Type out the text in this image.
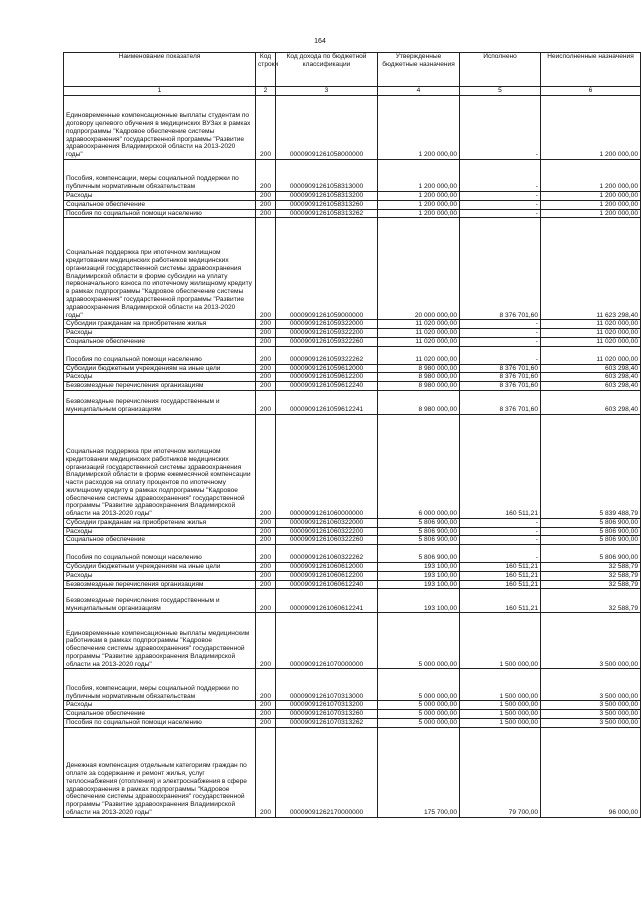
164
Наименование показателя	Код строки	Код дохода по бюджетной классификации	Утвержденные бюджетные назначения	Исполнено	Неисполненные назначения
1	2	3	4	5	6
Единовременные компенсационные выплаты студентам по договору целевого обучения в медицинских ВУЗах в рамках подпрограммы "Кадровое обеспечение системы здравоохранения" государственной программы "Развитие здравоохранения Владимирской области на 2013-2020 годы"	200	00009091261058000000	1 200 000,00	-	1 200 000,00
Пособия, компенсации, меры социальной поддержки по публичным нормативным обязательствам	200	00009091261058313000	1 200 000,00	-	1 200 000,00
Расходы	200	00009091261058313200	1 200 000,00	-	1 200 000,00
Социальное обеспечение	200	00009091261058313260	1 200 000,00	-	1 200 000,00
Пособия по социальной помощи населению	200	00009091261058313262	1 200 000,00	-	1 200 000,00
Социальная поддержка при ипотечном жилищном кредитовании медицинских работников медицинских организаций государственной системы здравоохранения Владимирской области в форме субсидии на уплату первоначального взноса по ипотечному жилищному кредиту в рамках подпрограммы "Кадровое обеспечение системы здравоохранения" государственной программы "Развитие здравоохранения Владимирской области на 2013-2020 годы"	200	00009091261059000000	20 000 000,00	8 376 701,60	11 623 298,40
Субсидии гражданам на приобретение жилья	200	00009091261059322000	11 020 000,00	-	11 020 000,00
Расходы	200	00009091261059322200	11 020 000,00	-	11 020 000,00
Социальное обеспечение	200	00009091261059322260	11 020 000,00	-	11 020 000,00
Пособия по социальной помощи населению	200	00009091261059322262	11 020 000,00	-	11 020 000,00
Субсидии бюджетным учреждениям на иные цели	200	00009091261059612000	8 980 000,00	8 376 701,60	603 298,40
Расходы	200	00009091261059612200	8 980 000,00	8 376 701,60	603 298,40
Безвозмездные перечисления организациям	200	00009091261059612240	8 980 000,00	8 376 701,60	603 298,40
Безвозмездные перечисления государственным и муниципальным организациям	200	00009091261059612241	8 980 000,00	8 376 701,60	603 298,40
Социальная поддержка при ипотечном жилищном кредитовании медицинских работников медицинских организаций государственной системы здравоохранения Владимирской области в форме ежемесячной компенсации части расходов на оплату процентов по ипотечному жилищному кредиту в рамках подпрограммы "Кадровое обеспечение системы здравоохранения" государственной программы "Развитие здравоохранения Владимирской области на 2013-2020 годы"	200	00009091261060000000	6 000 000,00	160 511,21	5 839 488,79
Субсидии гражданам на приобретение жилья	200	00009091261060322000	5 806 900,00	-	5 806 900,00
Расходы	200	00009091261060322200	5 806 900,00	-	5 806 900,00
Социальное обеспечение	200	00009091261060322260	5 806 900,00	-	5 806 900,00
Пособия по социальной помощи населению	200	00009091261060322262	5 806 900,00	-	5 806 900,00
Субсидии бюджетным учреждениям на иные цели	200	00009091261060612000	193 100,00	160 511,21	32 588,79
Расходы	200	00009091261060612200	193 100,00	160 511,21	32 588,79
Безвозмездные перечисления организациям	200	00009091261060612240	193 100,00	160 511,21	32 588,79
Безвозмездные перечисления государственным и муниципальным организациям	200	00009091261060612241	193 100,00	160 511,21	32 588,79
Единовременные компенсационные выплаты медицинским работникам в рамках подпрограммы "Кадровое обеспечение системы здравоохранения" государственной программы "Развитие здравоохранения Владимирской области на 2013-2020 годы"	200	00009091261070000000	5 000 000,00	1 500 000,00	3 500 000,00
Пособия, компенсации, меры социальной поддержки по публичным нормативным обязательствам	200	00009091261070313000	5 000 000,00	1 500 000,00	3 500 000,00
Расходы	200	00009091261070313200	5 000 000,00	1 500 000,00	3 500 000,00
Социальное обеспечение	200	00009091261070313260	5 000 000,00	1 500 000,00	3 500 000,00
Пособия по социальной помощи населению	200	00009091261070313262	5 000 000,00	1 500 000,00	3 500 000,00
Денежная компенсация отдельным категориям граждан по оплате за содержание и ремонт жилья, услуг теплоснабжения (отопления) и электроснабжения в сфере здравоохранения в рамках подпрограммы "Кадровое обеспечение системы здравоохранения" государственной программы "Развитие здравоохранения Владимирской области на 2013-2020 годы"	200	00009091262170000000	175 700,00	79 700,00	96 000,00
